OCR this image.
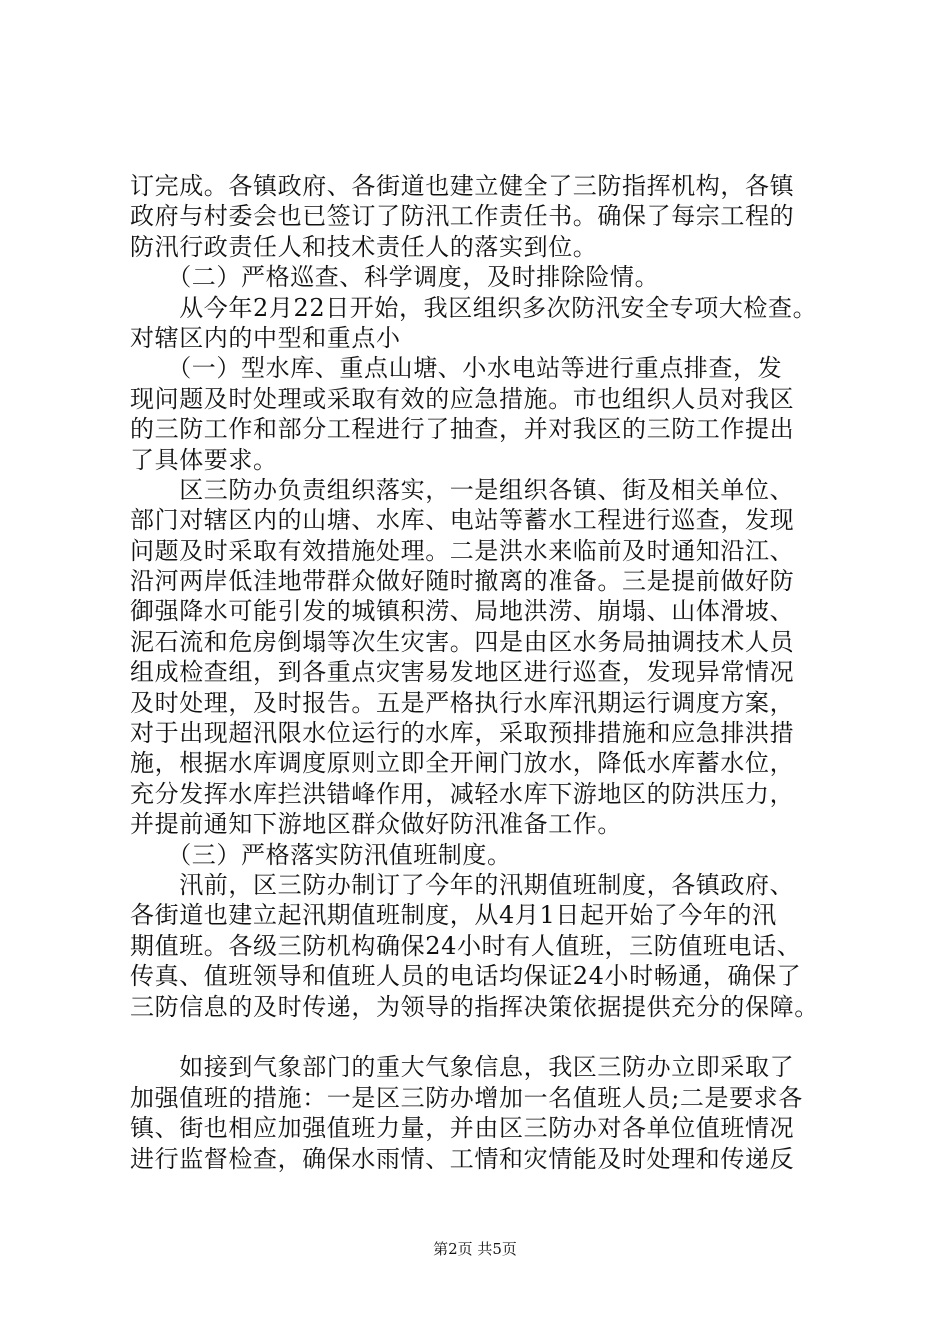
订完成。各镇政府、各街道也建立健全了三防指挥机构，各镇
政府与村委会也已签订了防汛工作责任书。确保了每宗工程的
防汛行政责任人和技术责任人的落实到位。
　　（二）严格巡查、科学调度，及时排除险情。
　　从今年2月22日开始，我区组织多次防汛安全专项大检查。
对辖区内的中型和重点小
　　（一）型水库、重点山塘、小水电站等进行重点排查，发
现问题及时处理或采取有效的应急措施。市也组织人员对我区
的三防工作和部分工程进行了抽查，并对我区的三防工作提出
了具体要求。
　　区三防办负责组织落实，一是组织各镇、街及相关单位、
部门对辖区内的山塘、水库、电站等蓄水工程进行巡查，发现
问题及时采取有效措施处理。二是洪水来临前及时通知沿江、
沿河两岸低洼地带群众做好随时撤离的准备。三是提前做好防
御强降水可能引发的城镇积涝、局地洪涝、崩塌、山体滑坡、
泥石流和危房倒塌等次生灾害。四是由区水务局抽调技术人员
组成检查组，到各重点灾害易发地区进行巡查，发现异常情况
及时处理，及时报告。五是严格执行水库汛期运行调度方案，
对于出现超汛限水位运行的水库，采取预排措施和应急排洪措
施，根据水库调度原则立即全开闸门放水，降低水库蓄水位，
充分发挥水库拦洪错峰作用，减轻水库下游地区的防洪压力，
并提前通知下游地区群众做好防汛准备工作。
　　（三）严格落实防汛值班制度。
　　汛前，区三防办制订了今年的汛期值班制度，各镇政府、
各街道也建立起汛期值班制度，从4月1日起开始了今年的汛
期值班。各级三防机构确保24小时有人值班，三防值班电话、
传真、值班领导和值班人员的电话均保证24小时畅通，确保了
三防信息的及时传递，为领导的指挥决策依据提供充分的保障。
　　如接到气象部门的重大气象信息，我区三防办立即采取了
加强值班的措施：一是区三防办增加一名值班人员;二是要求各
镇、街也相应加强值班力量，并由区三防办对各单位值班情况
进行监督检查，确保水雨情、工情和灾情能及时处理和传递反
第2页 共5页
